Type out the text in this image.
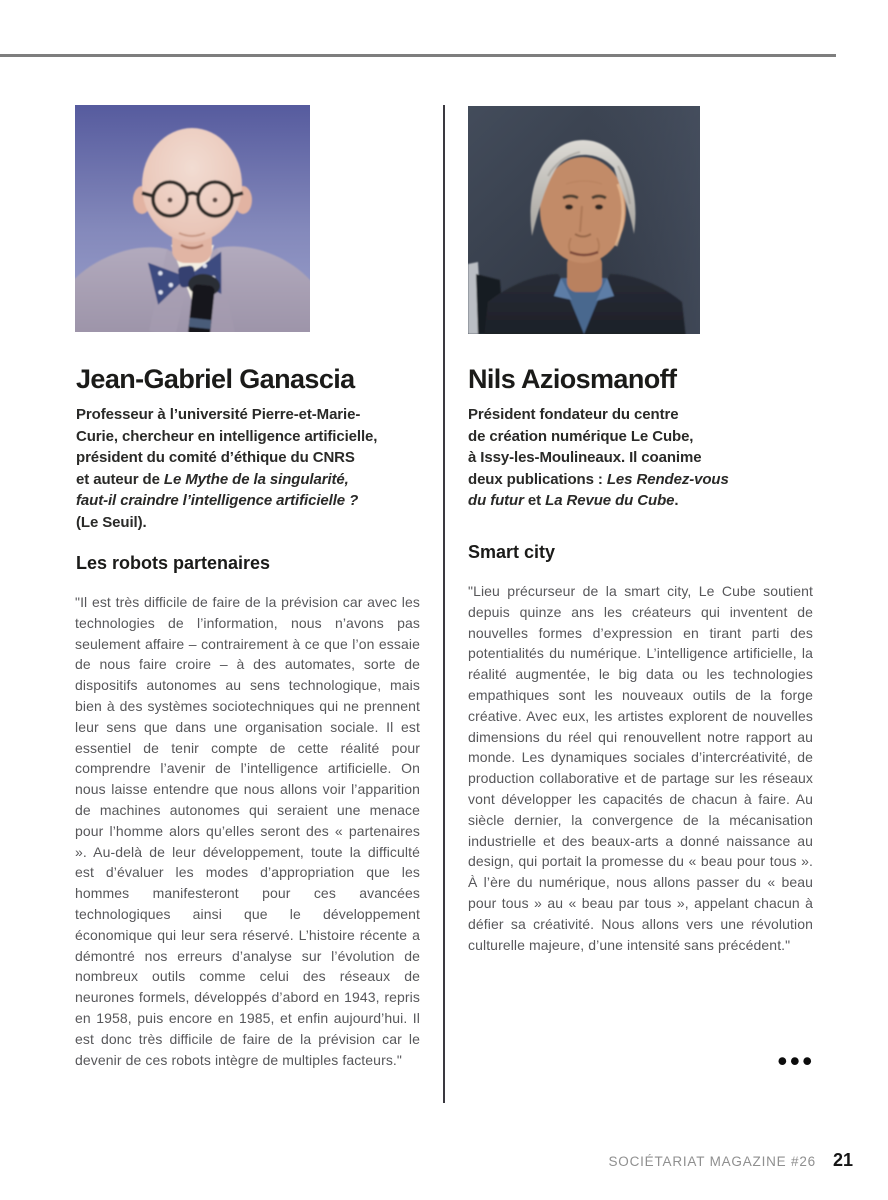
Jean-Gabriel Ganascia
Professeur à l’université Pierre-et-Marie-
Curie, chercheur en intelligence artificielle,
président du comité d’éthique du CNRS
et auteur de Le Mythe de la singularité,
faut-il craindre l’intelligence artificielle ?
(Le Seuil).
Les robots partenaires

"Il est très difficile de faire de la prévision car avec les technologies de l’information, nous n’avons pas seulement affaire – contrairement à ce que l’on essaie de nous faire croire – à des automates, sorte de dispositifs autonomes au sens technologique, mais bien à des systèmes sociotechniques qui ne prennent leur sens que dans une organisation sociale. Il est essentiel de tenir compte de cette réalité pour comprendre l’avenir de l’intelligence artificielle. On nous laisse entendre que nous allons voir l’apparition de machines autonomes qui seraient une menace pour l’homme alors qu’elles seront des « partenaires ». Au-delà de leur développement, toute la difficulté est d’évaluer les modes d’appropriation que les hommes manifesteront pour ces avancées technologiques ainsi que le développement économique qui leur sera réservé. L’histoire récente a démontré nos erreurs d’analyse sur l’évolution de nombreux outils comme celui des réseaux de neurones formels, développés d’abord en 1943, repris en 1958, puis encore en 1985, et enfin aujourd’hui. Il est donc très difficile de faire de la prévision car le devenir de ces robots intègre de multiples facteurs."

Nils Aziosmanoff
Président fondateur du centre
de création numérique Le Cube,
à Issy-les-Moulineaux. Il coanime
deux publications : Les Rendez-vous
du futur et La Revue du Cube.
Smart city

"Lieu précurseur de la smart city, Le Cube soutient depuis quinze ans les créateurs qui inventent de nouvelles formes d’expression en tirant parti des potentialités du numérique. L’intelligence artificielle, la réalité augmentée, le big data ou les technologies empathiques sont les nouveaux outils de la forge créative. Avec eux, les artistes explorent de nouvelles dimensions du réel qui renouvellent notre rapport au monde. Les dynamiques sociales d’intercréativité, de production collaborative et de partage sur les réseaux vont développer les capacités de chacun à faire. Au siècle dernier, la convergence de la mécanisation industrielle et des beaux-arts a donné naissance au design, qui portait la promesse du « beau pour tous ». À l’ère du numérique, nous allons passer du « beau pour tous » au « beau par tous », appelant chacun à défier sa créativité. Nous allons vers une révolution culturelle majeure, d’une intensité sans précédent."

•••
SOCIÉTARIAT MAGAZINE #26 21
